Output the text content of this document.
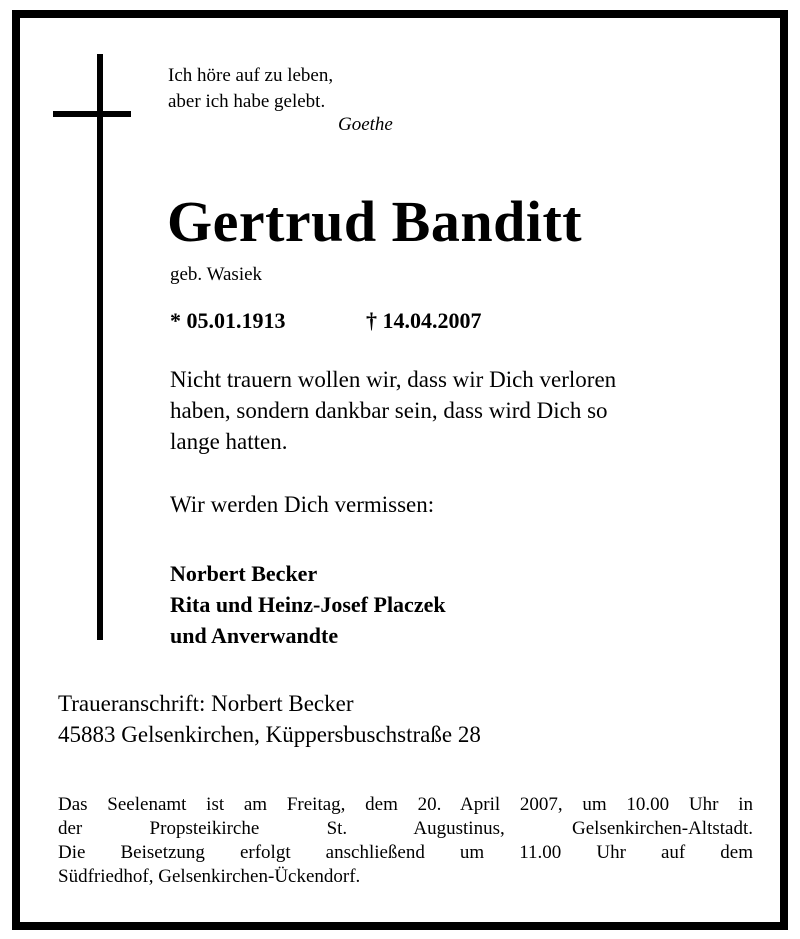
Ich höre auf zu leben,
aber ich habe gelebt.
Goethe
Gertrud Banditt
geb. Wasiek
* 05.01.1913	† 14.04.2007
Nicht trauern wollen wir, dass wir Dich verloren
haben, sondern dankbar sein, dass wird Dich so
lange hatten.
Wir werden Dich vermissen:
Norbert Becker
Rita und Heinz-Josef Placzek
und Anverwandte
Traueranschrift: Norbert Becker
45883 Gelsenkirchen, Küppersbuschstraße 28
Das Seelenamt ist am Freitag, dem 20. April 2007, um 10.00 Uhr in
der Propsteikirche St. Augustinus, Gelsenkirchen-Altstadt.
Die Beisetzung erfolgt anschließend um 11.00 Uhr auf dem
Südfriedhof, Gelsenkirchen-Ückendorf.
